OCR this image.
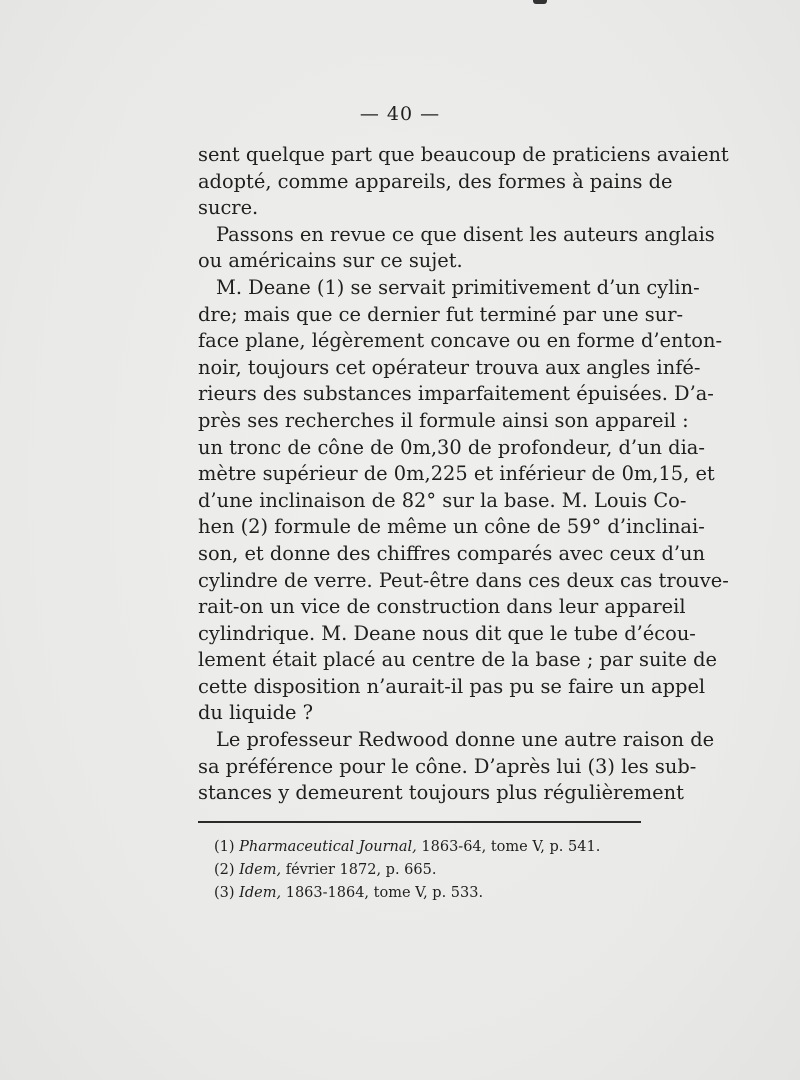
— 40 —
sent quelque part que beaucoup de praticiens avaient
adopté, comme appareils, des formes à pains de
sucre.
Passons en revue ce que disent les auteurs anglais
ou américains sur ce sujet.
M. Deane (1) se servait primitivement d’un cylin-
dre; mais que ce dernier fut terminé par une sur-
face plane, légèrement concave ou en forme d’enton-
noir, toujours cet opérateur trouva aux angles infé-
rieurs des substances imparfaitement épuisées. D’a-
près ses recherches il formule ainsi son appareil :
un tronc de cône de 0m,30 de profondeur, d’un dia-
mètre supérieur de 0m,225 et inférieur de 0m,15, et
d’une inclinaison de 82° sur la base. M. Louis Co-
hen (2) formule de même un cône de 59° d’inclinai-
son, et donne des chiffres comparés avec ceux d’un
cylindre de verre. Peut-être dans ces deux cas trouve-
rait-on un vice de construction dans leur appareil
cylindrique. M. Deane nous dit que le tube d’écou-
lement était placé au centre de la base ; par suite de
cette disposition n’aurait-il pas pu se faire un appel
du liquide ?
Le professeur Redwood donne une autre raison de
sa préférence pour le cône. D’après lui (3) les sub-
stances y demeurent toujours plus régulièrement
(1) Pharmaceutical Journal, 1863-64, tome V, p. 541.
(2) Idem, février 1872, p. 665.
(3) Idem, 1863-1864, tome V, p. 533.
